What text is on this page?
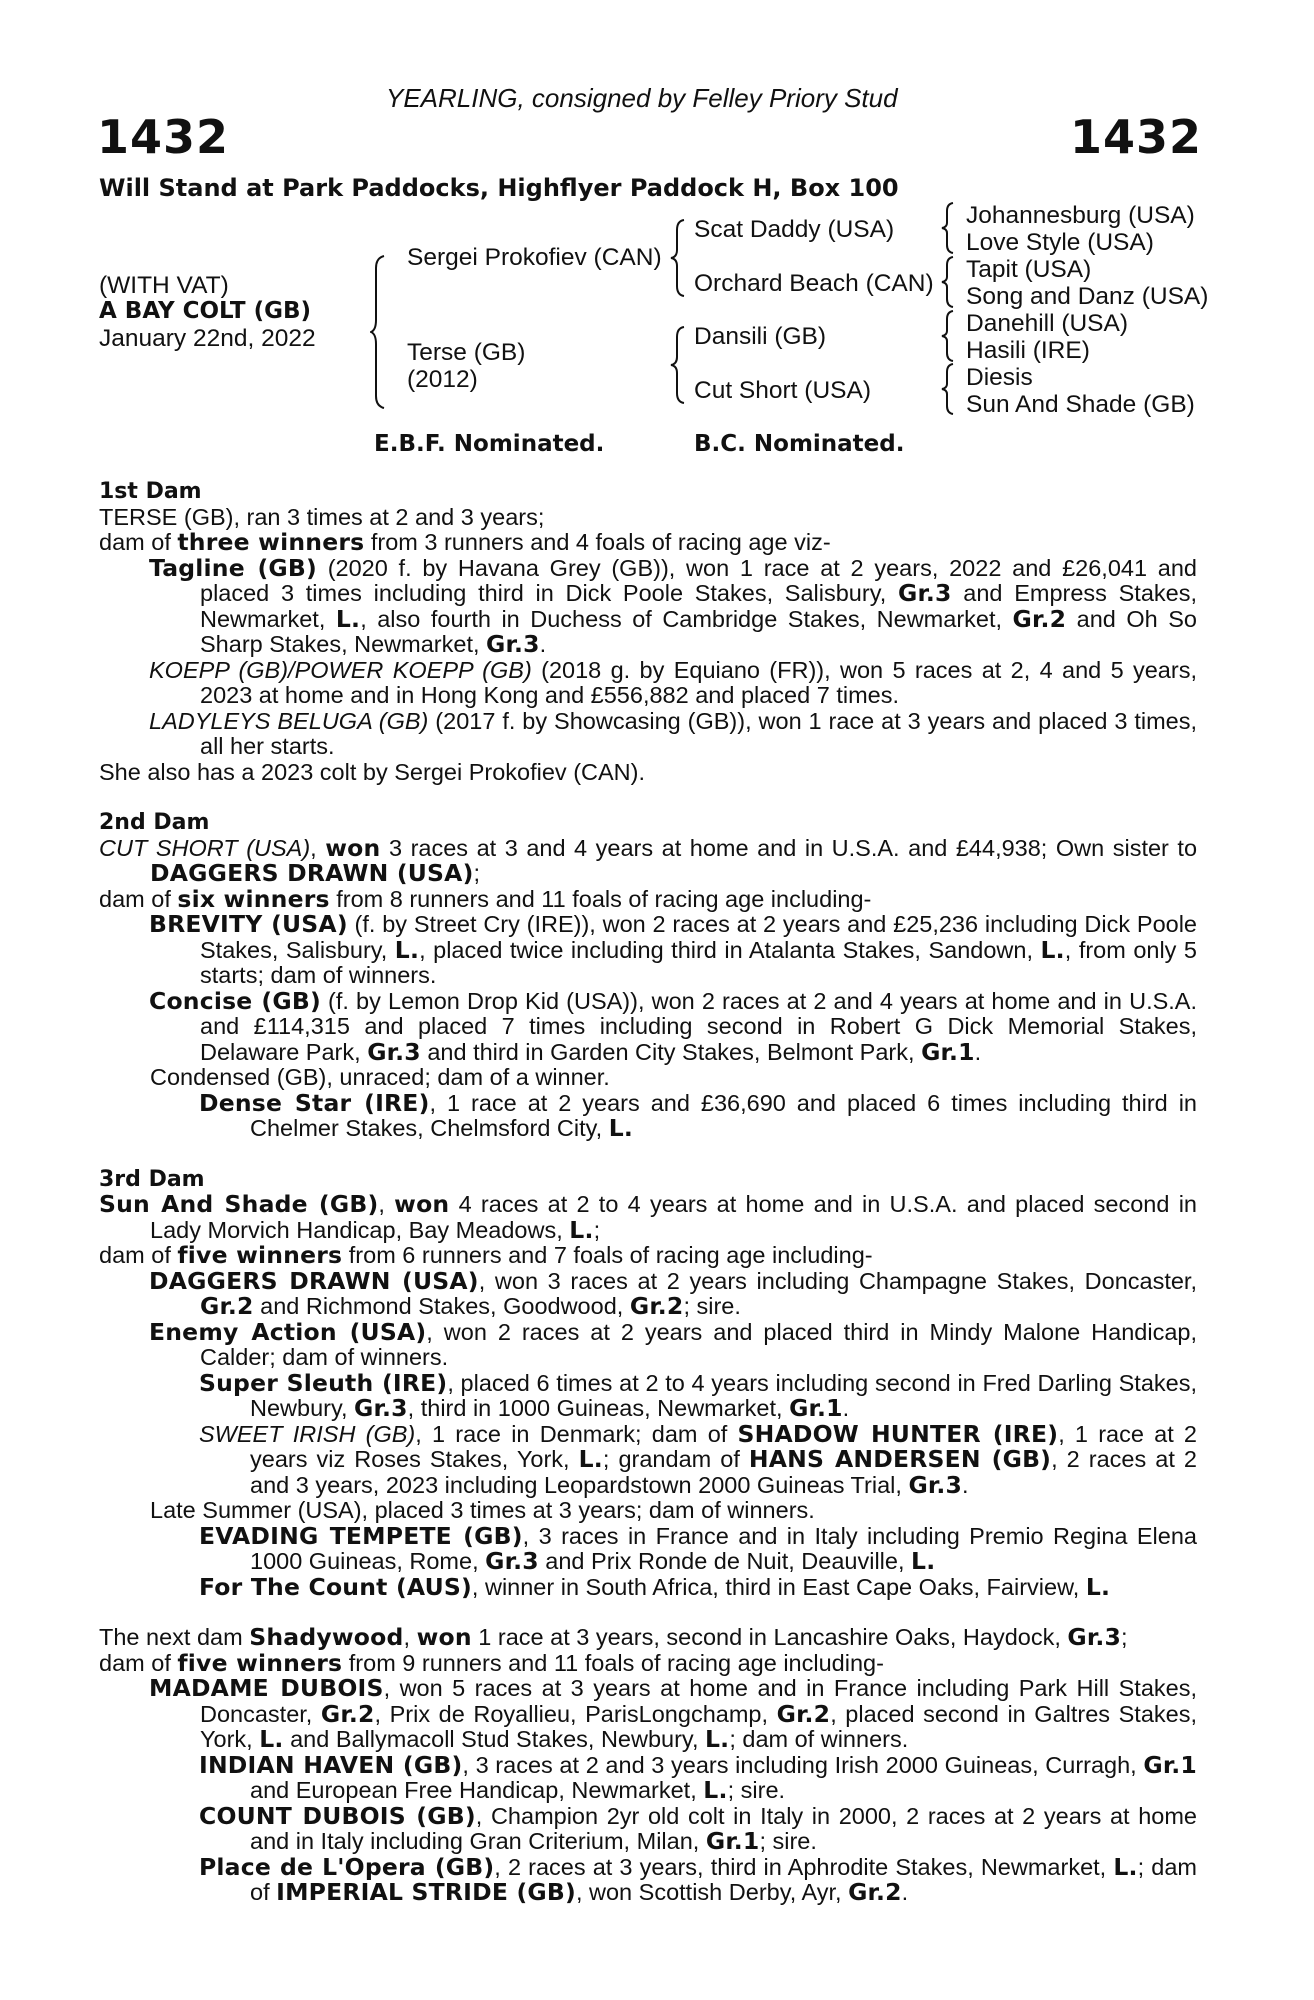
YEARLING, consigned by Felley Priory Stud
1432	1432
Will Stand at Park Paddocks, Highflyer Paddock H, Box 100
(WITH VAT)
A BAY COLT (GB)
January 22nd, 2022
Sergei Prokofiev (CAN)
Terse (GB)
(2012)
Scat Daddy (USA)
Orchard Beach (CAN)
Dansili (GB)
Cut Short (USA)
Johannesburg (USA)
Love Style (USA)
Tapit (USA)
Song and Danz (USA)
Danehill (USA)
Hasili (IRE)
Diesis
Sun And Shade (GB)
E.B.F. Nominated.	B.C. Nominated.

1st Dam

TERSE (GB), ran 3 times at 2 and 3 years;

dam of three winners from 3 runners and 4 foals of racing age viz-

Tagline (GB) (2020 f. by Havana Grey (GB)), won 1 race at 2 years, 2022 and £26,041 and placed 3 times including third in Dick Poole Stakes, Salisbury, Gr.3 and Empress Stakes, Newmarket, L., also fourth in Duchess of Cambridge Stakes, Newmarket, Gr.2 and Oh So Sharp Stakes, Newmarket, Gr.3.

KOEPP (GB)/POWER KOEPP (GB) (2018 g. by Equiano (FR)), won 5 races at 2, 4 and 5 years, 2023 at home and in Hong Kong and £556,882 and placed 7 times.

LADYLEYS BELUGA (GB) (2017 f. by Showcasing (GB)), won 1 race at 3 years and placed 3 times, all her starts.

She also has a 2023 colt by Sergei Prokofiev (CAN).

2nd Dam

CUT SHORT (USA), won 3 races at 3 and 4 years at home and in U.S.A. and £44,938; Own sister to DAGGERS DRAWN (USA);

dam of six winners from 8 runners and 11 foals of racing age including-

BREVITY (USA) (f. by Street Cry (IRE)), won 2 races at 2 years and £25,236 including Dick Poole Stakes, Salisbury, L., placed twice including third in Atalanta Stakes, Sandown, L., from only 5 starts; dam of winners.

Concise (GB) (f. by Lemon Drop Kid (USA)), won 2 races at 2 and 4 years at home and in U.S.A. and £114,315 and placed 7 times including second in Robert G Dick Memorial Stakes, Delaware Park, Gr.3 and third in Garden City Stakes, Belmont Park, Gr.1.

Condensed (GB), unraced; dam of a winner.

Dense Star (IRE), 1 race at 2 years and £36,690 and placed 6 times including third in Chelmer Stakes, Chelmsford City, L.

3rd Dam

Sun And Shade (GB), won 4 races at 2 to 4 years at home and in U.S.A. and placed second in Lady Morvich Handicap, Bay Meadows, L.;

dam of five winners from 6 runners and 7 foals of racing age including-

DAGGERS DRAWN (USA), won 3 races at 2 years including Champagne Stakes, Doncaster, Gr.2 and Richmond Stakes, Goodwood, Gr.2; sire.

Enemy Action (USA), won 2 races at 2 years and placed third in Mindy Malone Handicap, Calder; dam of winners.

Super Sleuth (IRE), placed 6 times at 2 to 4 years including second in Fred Darling Stakes, Newbury, Gr.3, third in 1000 Guineas, Newmarket, Gr.1.

SWEET IRISH (GB), 1 race in Denmark; dam of SHADOW HUNTER (IRE), 1 race at 2 years viz Roses Stakes, York, L.; grandam of HANS ANDERSEN (GB), 2 races at 2 and 3 years, 2023 including Leopardstown 2000 Guineas Trial, Gr.3.

Late Summer (USA), placed 3 times at 3 years; dam of winners.

EVADING TEMPETE (GB), 3 races in France and in Italy including Premio Regina Elena 1000 Guineas, Rome, Gr.3 and Prix Ronde de Nuit, Deauville, L.

For The Count (AUS), winner in South Africa, third in East Cape Oaks, Fairview, L.

The next dam Shadywood, won 1 race at 3 years, second in Lancashire Oaks, Haydock, Gr.3;

dam of five winners from 9 runners and 11 foals of racing age including-

MADAME DUBOIS, won 5 races at 3 years at home and in France including Park Hill Stakes, Doncaster, Gr.2, Prix de Royallieu, ParisLongchamp, Gr.2, placed second in Galtres Stakes, York, L. and Ballymacoll Stud Stakes, Newbury, L.; dam of winners.

INDIAN HAVEN (GB), 3 races at 2 and 3 years including Irish 2000 Guineas, Curragh, Gr.1 and European Free Handicap, Newmarket, L.; sire.

COUNT DUBOIS (GB), Champion 2yr old colt in Italy in 2000, 2 races at 2 years at home and in Italy including Gran Criterium, Milan, Gr.1; sire.

Place de L'Opera (GB), 2 races at 3 years, third in Aphrodite Stakes, Newmarket, L.; dam of IMPERIAL STRIDE (GB), won Scottish Derby, Ayr, Gr.2.
